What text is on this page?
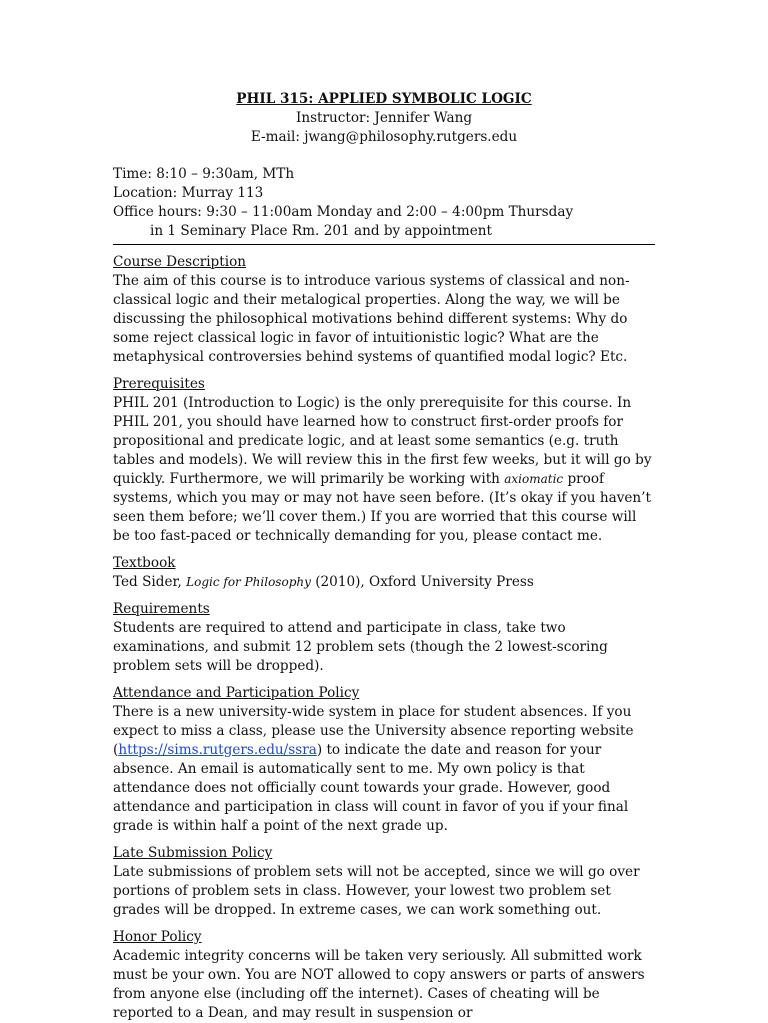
PHIL 315: APPLIED SYMBOLIC LOGIC
Instructor: Jennifer Wang
E-mail: jwang@philosophy.rutgers.edu
Time: 8:10 – 9:30am, MTh
Location: Murray 113
Office hours: 9:30 – 11:00am Monday and 2:00 – 4:00pm Thursday
in 1 Seminary Place Rm. 201 and by appointment
Course Description

The aim of this course is to introduce various systems of classical and non-classical logic and their metalogical properties. Along the way, we will be discussing the philosophical motivations behind different systems: Why do some reject classical logic in favor of intuitionistic logic? What are the metaphysical controversies behind systems of quantified modal logic? Etc.

Prerequisites

PHIL 201 (Introduction to Logic) is the only prerequisite for this course. In PHIL 201, you should have learned how to construct first-order proofs for propositional and predicate logic, and at least some semantics (e.g. truth tables and models). We will review this in the first few weeks, but it will go by quickly. Furthermore, we will primarily be working with axiomatic proof systems, which you may or may not have seen before. (It’s okay if you haven’t seen them before; we’ll cover them.) If you are worried that this course will be too fast-paced or technically demanding for you, please contact me.

Textbook

Ted Sider, Logic for Philosophy (2010), Oxford University Press

Requirements

Students are required to attend and participate in class, take two examinations, and submit 12 problem sets (though the 2 lowest-scoring problem sets will be dropped).

Attendance and Participation Policy

There is a new university-wide system in place for student absences. If you expect to miss a class, please use the University absence reporting website (https://sims.rutgers.edu/ssra) to indicate the date and reason for your absence. An email is automatically sent to me. My own policy is that attendance does not officially count towards your grade. However, good attendance and participation in class will count in favor of you if your final grade is within half a point of the next grade up.

Late Submission Policy

Late submissions of problem sets will not be accepted, since we will go over portions of problem sets in class. However, your lowest two problem set grades will be dropped. In extreme cases, we can work something out.

Honor Policy

Academic integrity concerns will be taken very seriously. All submitted work must be your own. You are NOT allowed to copy answers or parts of answers from anyone else (including off the internet). Cases of cheating will be reported to a Dean, and may result in suspension or
